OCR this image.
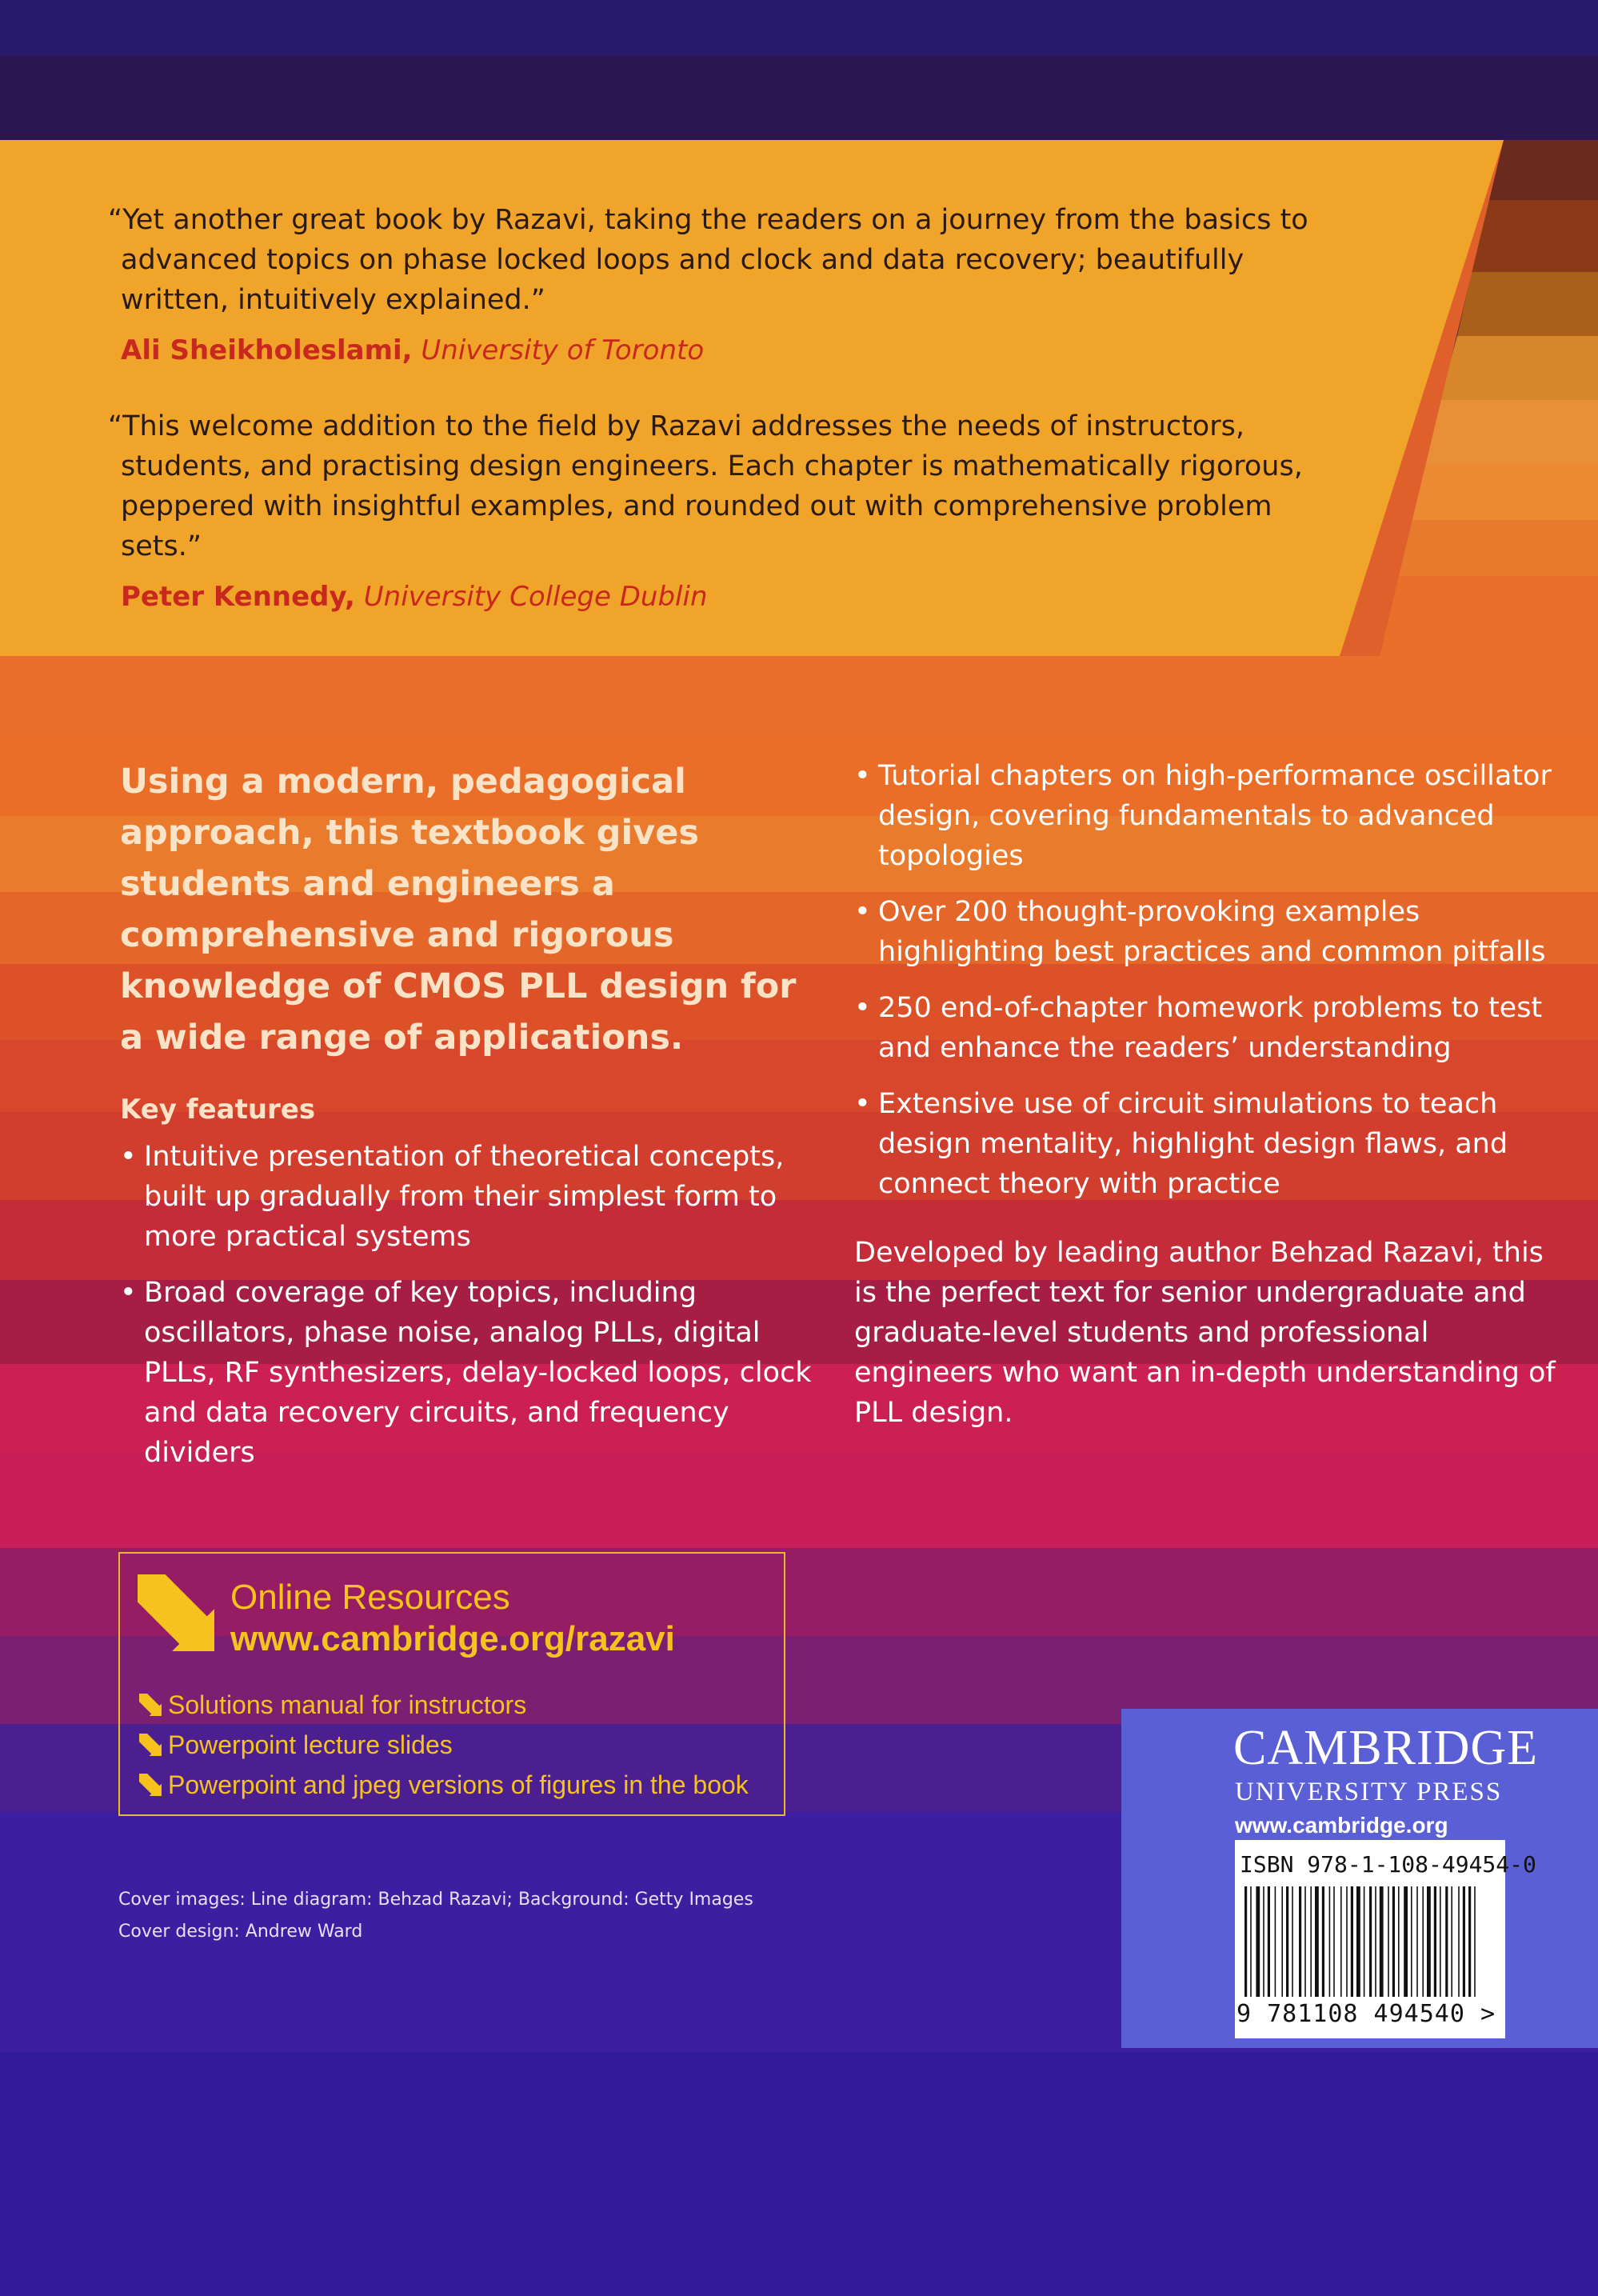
“Yet another great book by Razavi, taking the readers on a journey from the basics to advanced topics on phase locked loops and clock and data recovery; beautifully written, intuitively explained.”

Ali Sheikholeslami, University of Toronto

“This welcome addition to the field by Razavi addresses the needs of instructors, students, and practising design engineers. Each chapter is mathematically rigorous, peppered with insightful examples, and rounded out with comprehensive problem sets.”

Peter Kennedy, University College Dublin

Using a modern, pedagogical approach, this textbook gives students and engineers a comprehensive and rigorous knowledge of CMOS PLL design for a wide range of applications.

Key features
• Intuitive presentation of theoretical concepts, built up gradually from their simplest form to more practical systems
• Broad coverage of key topics, including oscillators, phase noise, analog PLLs, digital PLLs, RF synthesizers, delay-locked loops, clock and data recovery circuits, and frequency dividers
• Tutorial chapters on high-performance oscillator design, covering fundamentals to advanced topologies
• Over 200 thought-provoking examples highlighting best practices and common pitfalls
• 250 end-of-chapter homework problems to test and enhance the readers’ understanding
• Extensive use of circuit simulations to teach design mentality, highlight design flaws, and connect theory with practice

Developed by leading author Behzad Razavi, this is the perfect text for senior undergraduate and graduate-level students and professional engineers who want an in-depth understanding of PLL design.

Online Resources
www.cambridge.org/razavi
Solutions manual for instructors
Powerpoint lecture slides
Powerpoint and jpeg versions of figures in the book
Cover images: Line diagram: Behzad Razavi; Background: Getty Images
Cover design: Andrew Ward
CAMBRIDGE
UNIVERSITY PRESS
www.cambridge.org
ISBN 978-1-108-49454-0
9 781108 494540 >
